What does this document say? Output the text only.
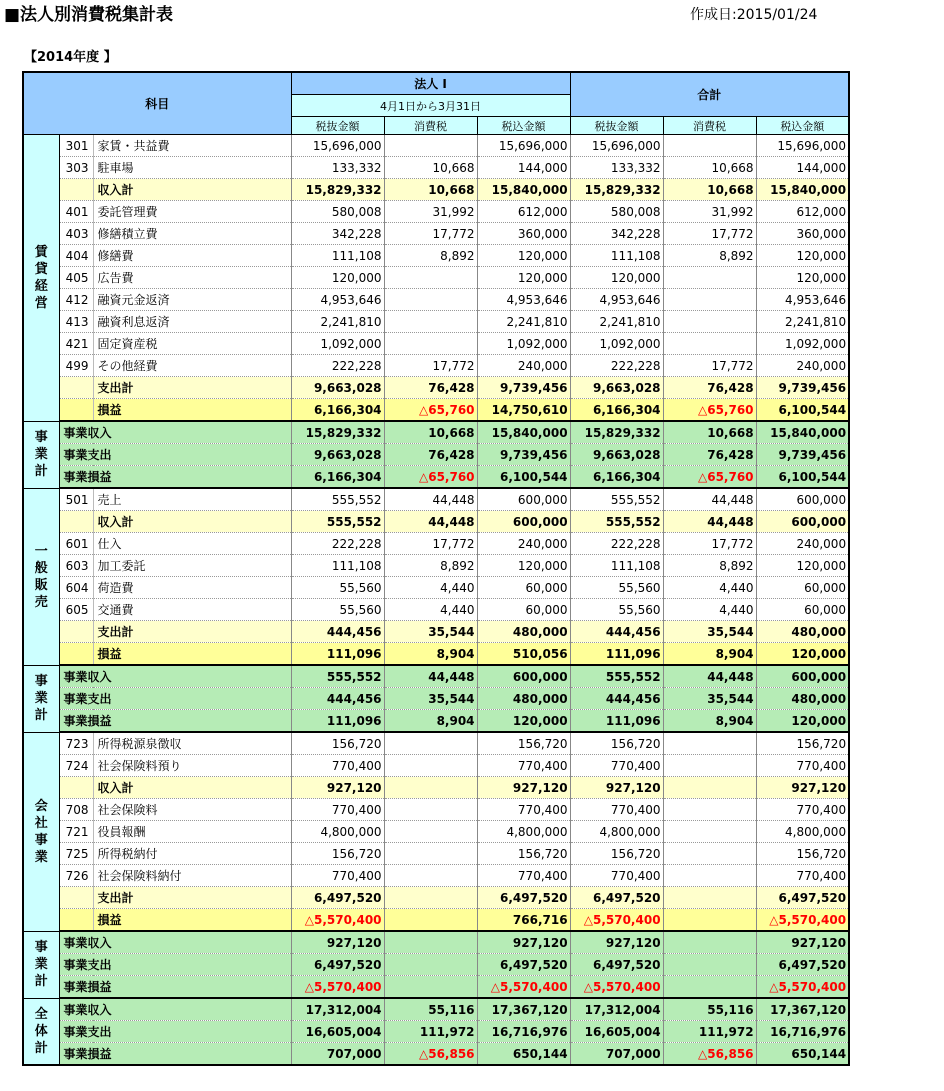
■法人別消費税集計表	作成日:2015/01/24
【2014年度 】
科目			法人 Ⅰ			合計		
			4月1日から3月31日					
			税抜金額	消費税	税込金額	税抜金額	消費税	税込金額

賃
貸
経
営	301	家賃・共益費	15,696,000		15,696,000	15,696,000		15,696,000
	303	駐車場	133,332	10,668	144,000	133,332	10,668	144,000
		収入計	15,829,332	10,668	15,840,000	15,829,332	10,668	15,840,000
	401	委託管理費	580,008	31,992	612,000	580,008	31,992	612,000
	403	修繕積立費	342,228	17,772	360,000	342,228	17,772	360,000
	404	修繕費	111,108	8,892	120,000	111,108	8,892	120,000
	405	広告費	120,000		120,000	120,000		120,000
	412	融資元金返済	4,953,646		4,953,646	4,953,646		4,953,646
	413	融資利息返済	2,241,810		2,241,810	2,241,810		2,241,810
	421	固定資産税	1,092,000		1,092,000	1,092,000		1,092,000
	499	その他経費	222,228	17,772	240,000	222,228	17,772	240,000
		支出計	9,663,028	76,428	9,739,456	9,663,028	76,428	9,739,456
		損益	6,166,304	△65,760	14,750,610	6,166,304	△65,760	6,100,544

事
業
計	事業収入		15,829,332	10,668	15,840,000	15,829,332	10,668	15,840,000
	事業支出		9,663,028	76,428	9,739,456	9,663,028	76,428	9,739,456
	事業損益		6,166,304	△65,760	6,100,544	6,166,304	△65,760	6,100,544

一
般
販
売	501	売上	555,552	44,448	600,000	555,552	44,448	600,000
		収入計	555,552	44,448	600,000	555,552	44,448	600,000
	601	仕入	222,228	17,772	240,000	222,228	17,772	240,000
	603	加工委託	111,108	8,892	120,000	111,108	8,892	120,000
	604	荷造費	55,560	4,440	60,000	55,560	4,440	60,000
	605	交通費	55,560	4,440	60,000	55,560	4,440	60,000
		支出計	444,456	35,544	480,000	444,456	35,544	480,000
		損益	111,096	8,904	510,056	111,096	8,904	120,000

事
業
計	事業収入		555,552	44,448	600,000	555,552	44,448	600,000
	事業支出		444,456	35,544	480,000	444,456	35,544	480,000
	事業損益		111,096	8,904	120,000	111,096	8,904	120,000

会
社
事
業	723	所得税源泉徴収	156,720		156,720	156,720		156,720
	724	社会保険料預り	770,400		770,400	770,400		770,400
		収入計	927,120		927,120	927,120		927,120
	708	社会保険料	770,400		770,400	770,400		770,400
	721	役員報酬	4,800,000		4,800,000	4,800,000		4,800,000
	725	所得税納付	156,720		156,720	156,720		156,720
	726	社会保険料納付	770,400		770,400	770,400		770,400
		支出計	6,497,520		6,497,520	6,497,520		6,497,520
		損益	△5,570,400		766,716	△5,570,400		△5,570,400

事
業
計	事業収入		927,120		927,120	927,120		927,120
	事業支出		6,497,520		6,497,520	6,497,520		6,497,520
	事業損益		△5,570,400		△5,570,400	△5,570,400		△5,570,400

全
体
計	事業収入		17,312,004	55,116	17,367,120	17,312,004	55,116	17,367,120
	事業支出		16,605,004	111,972	16,716,976	16,605,004	111,972	16,716,976
	事業損益		707,000	△56,856	650,144	707,000	△56,856	650,144
